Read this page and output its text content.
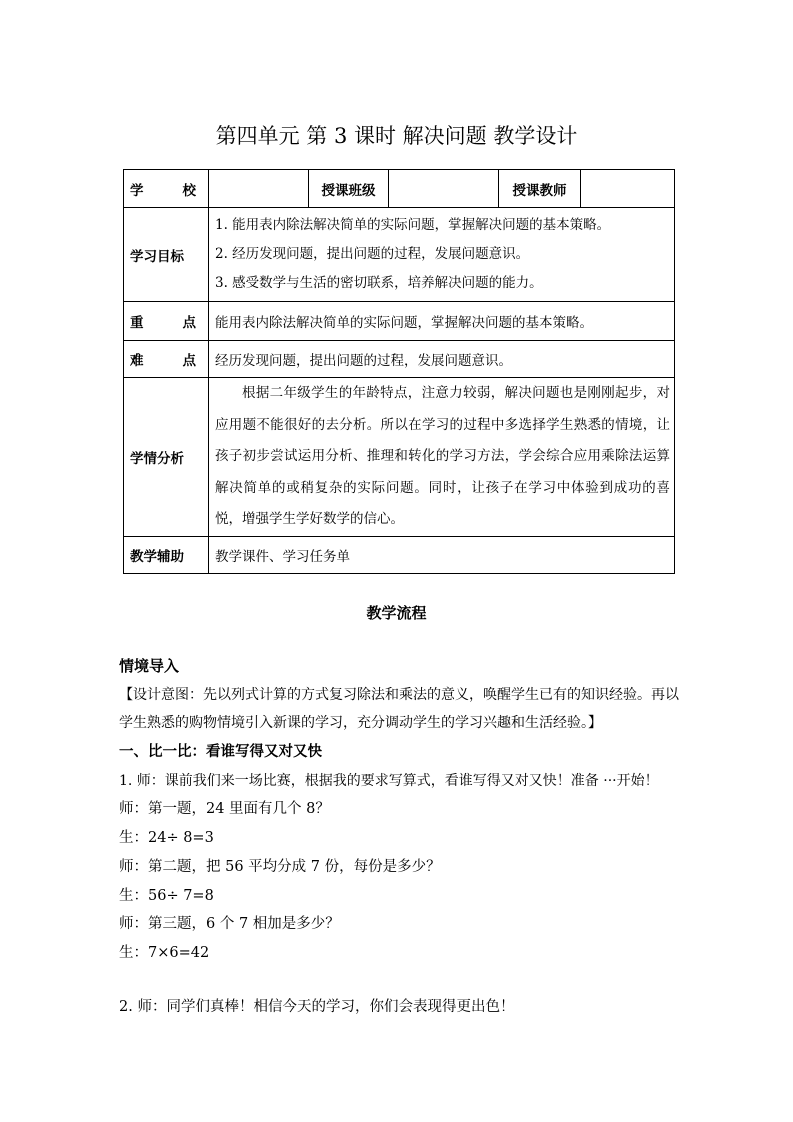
第四单元 第 3 课时 解决问题 教学设计
学 校		授课班级		授课教师	
学习目标	1. 能用表内除法解决简单的实际问题，掌握解决问题的基本策略。
2. 经历发现问题，提出问题的过程，发展问题意识。
3. 感受数学与生活的密切联系，培养解决问题的能力。				

重 点	能用表内除法解决简单的实际问题，掌握解决问题的基本策略。				

难 点	经历发现问题，提出问题的过程，发展问题意识。				
学情分析	根据二年级学生的年龄特点，注意力较弱，解决问题也是刚刚起步，对应用题不能很好的去分析。所以在学习的过程中多选择学生熟悉的情境，让孩子初步尝试运用分析、推理和转化的学习方法，学会综合应用乘除法运算解决简单的或稍复杂的实际问题。同时，让孩子在学习中体验到成功的喜悦，增强学生学好数学的信心。				

教学辅助	教学课件、学习任务单				
教学流程
情境导入
【设计意图：先以列式计算的方式复习除法和乘法的意义，唤醒学生已有的知识经验。再以
学生熟悉的购物情境引入新课的学习，充分调动学生的学习兴趣和生活经验。】
一、比一比：看谁写得又对又快
1. 师：课前我们来一场比赛，根据我的要求写算式，看谁写得又对又快！准备 ···开始！
师：第一题，24 里面有几个 8？
生：24÷ 8=3
师：第二题，把 56 平均分成 7 份，每份是多少？
生：56÷ 7=8
师：第三题，6 个 7 相加是多少？
生：7×6=42
2. 师：同学们真棒！相信今天的学习，你们会表现得更出色！
